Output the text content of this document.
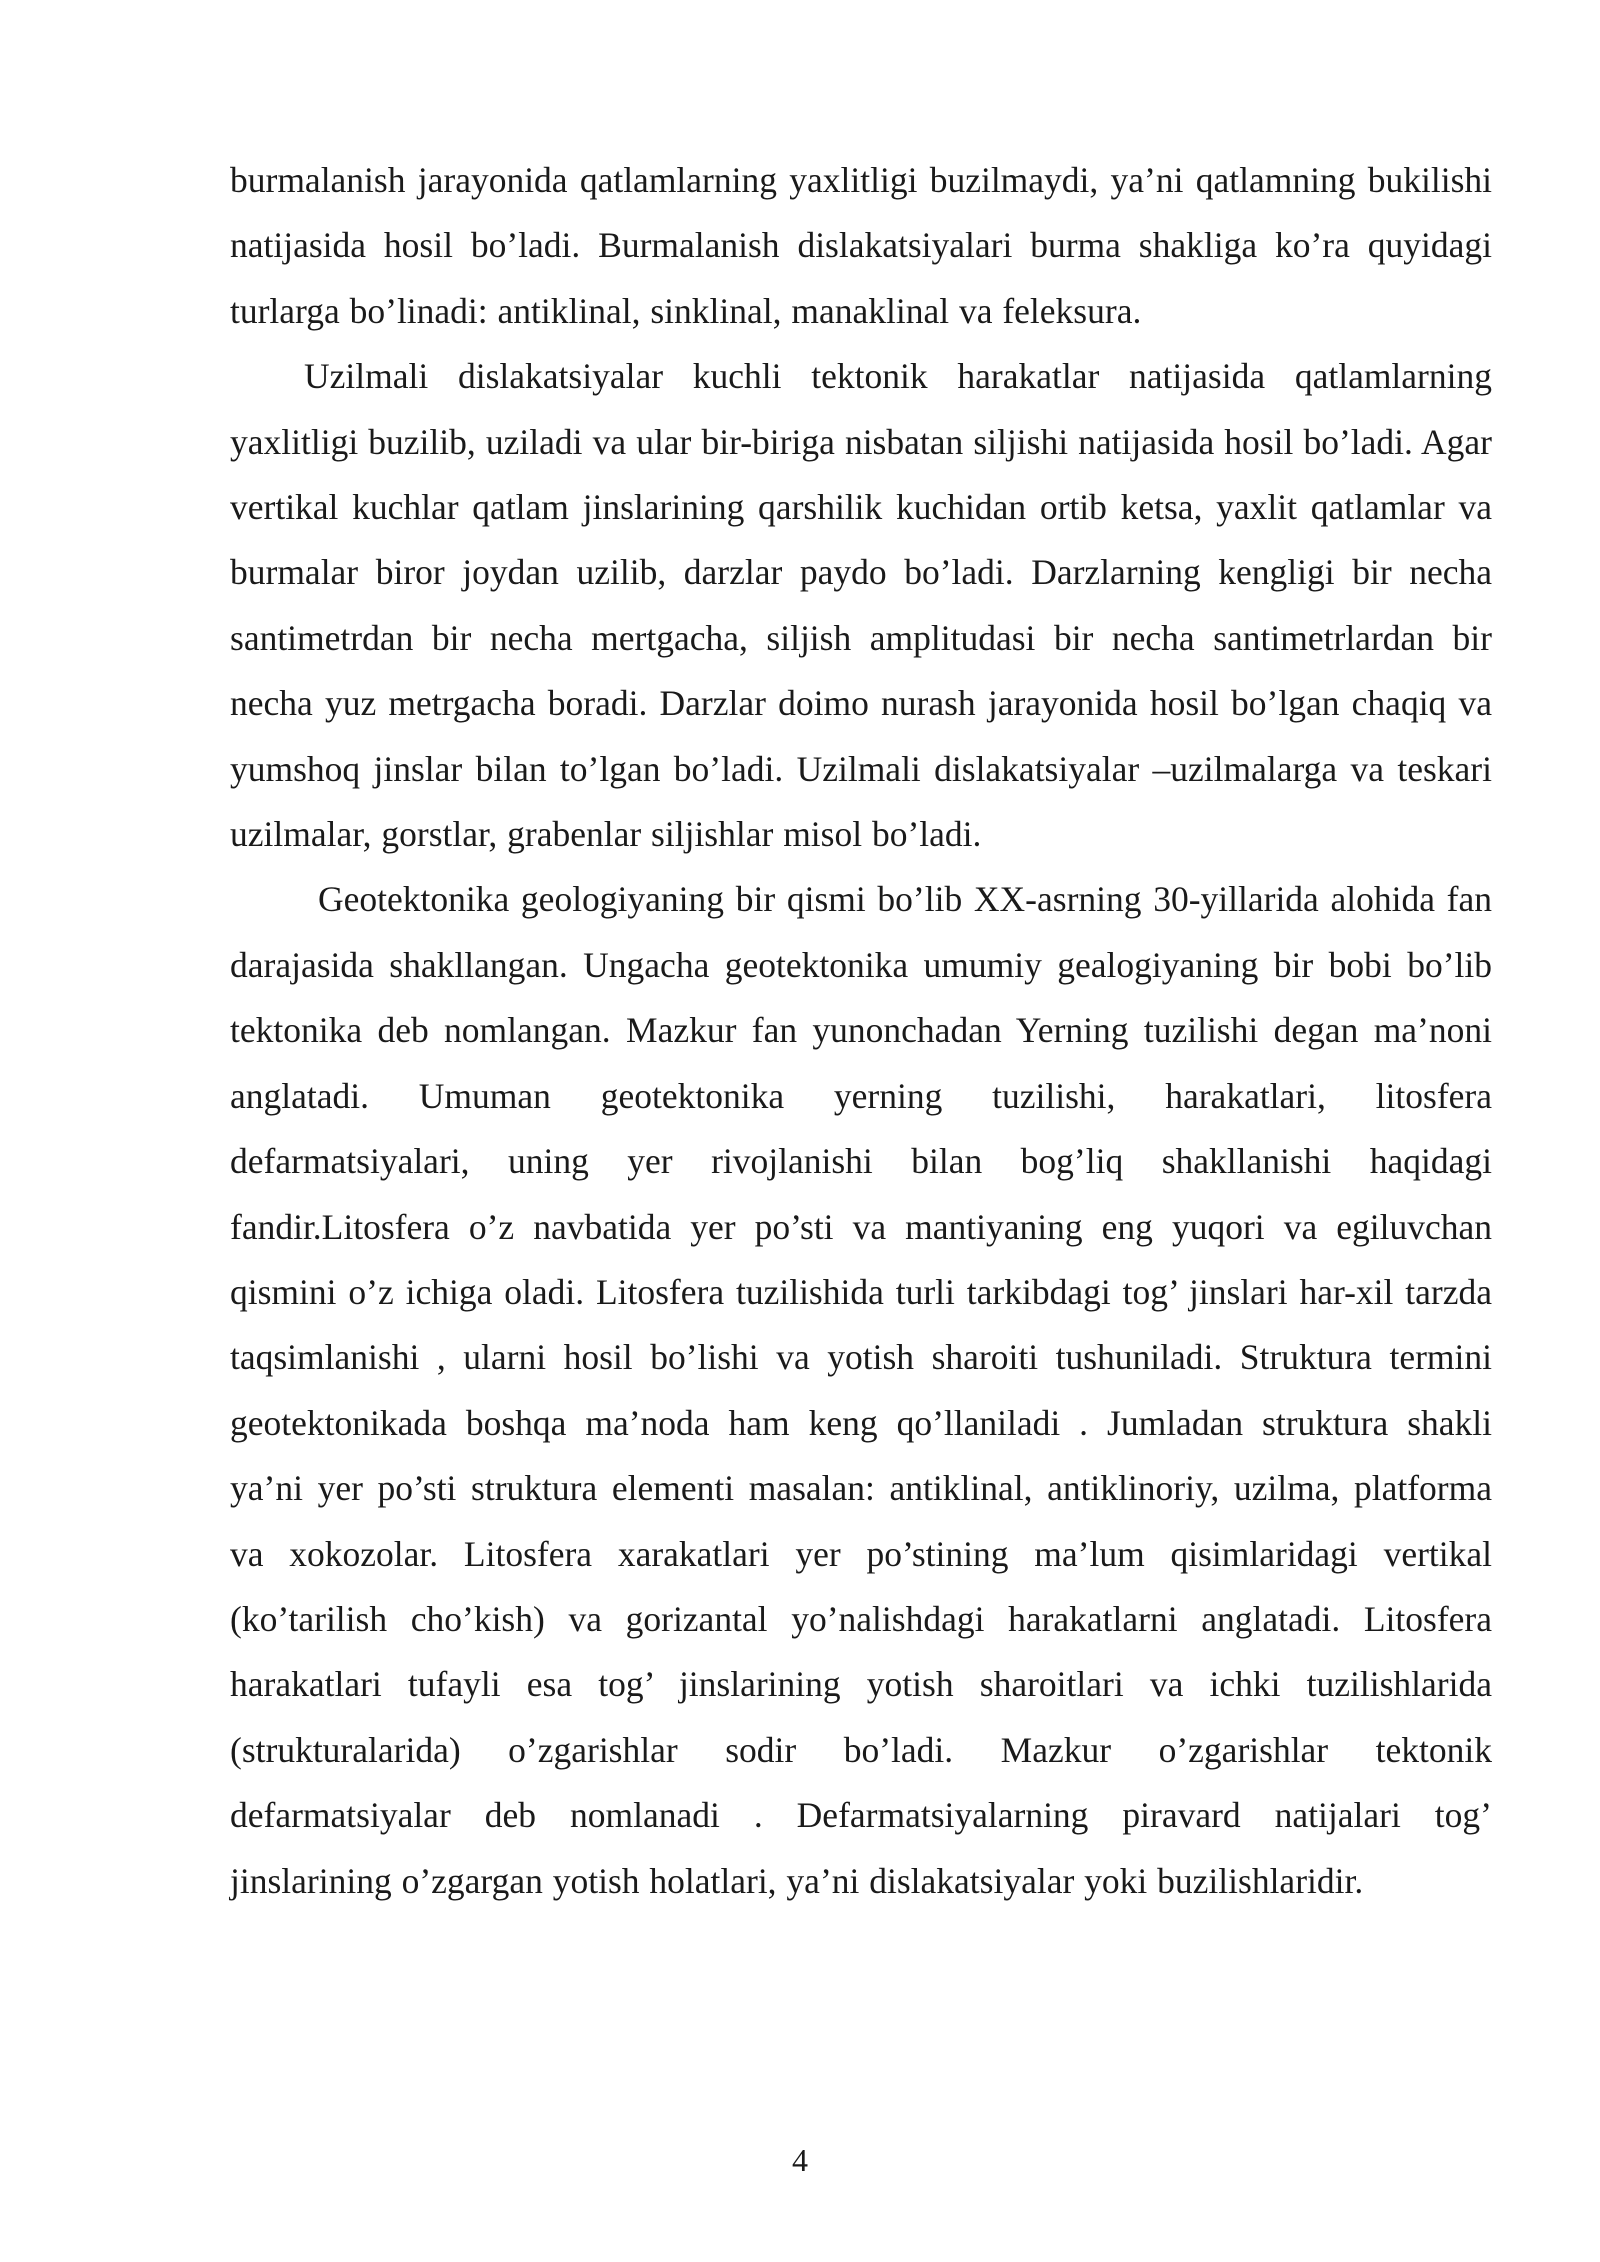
burmalanish jarayonida qatlamlarning yaxlitligi buzilmaydi, ya’ni qatlamning bukilishi natijasida hosil bo’ladi. Burmalanish dislakatsiyalari burma shakliga ko’ra quyidagi turlarga bo’linadi: antiklinal, sinklinal, manaklinal va feleksura.

Uzilmali dislakatsiyalar kuchli tektonik harakatlar natijasida qatlamlarning yaxlitligi buzilib, uziladi va ular bir-biriga nisbatan siljishi natijasida hosil bo’ladi. Agar vertikal kuchlar qatlam jinslarining qarshilik kuchidan ortib ketsa, yaxlit qatlamlar va burmalar biror joydan uzilib, darzlar paydo bo’ladi. Darzlarning kengligi bir necha santimetrdan bir necha mertgacha, siljish amplitudasi bir necha santimetrlardan bir necha yuz metrgacha boradi. Darzlar doimo nurash jarayonida hosil bo’lgan chaqiq va yumshoq jinslar bilan to’lgan bo’ladi. Uzilmali dislakatsiyalar –uzilmalarga va teskari uzilmalar, gorstlar, grabenlar siljishlar misol bo’ladi.

Geotektonika geologiyaning bir qismi bo’lib XX-asrning 30-yillarida alohida fan darajasida shakllangan. Ungacha geotektonika umumiy gealogiyaning bir bobi bo’lib tektonika deb nomlangan. Mazkur fan yunonchadan Yerning tuzilishi degan ma’noni anglatadi. Umuman geotektonika yerning tuzilishi, harakatlari, litosfera defarmatsiyalari, uning yer rivojlanishi bilan bog’liq shakllanishi haqidagi fandir.Litosfera o’z navbatida yer po’sti va mantiyaning eng yuqori va egiluvchan qismini o’z ichiga oladi. Litosfera tuzilishida turli tarkibdagi tog’ jinslari har-xil tarzda taqsimlanishi , ularni hosil bo’lishi va yotish sharoiti tushuniladi. Struktura termini geotektonikada boshqa ma’noda ham keng qo’llaniladi . Jumladan struktura shakli ya’ni yer po’sti struktura elementi masalan: antiklinal, antiklinoriy, uzilma, platforma va xokozolar. Litosfera xarakatlari yer po’stining ma’lum qisimlaridagi vertikal (ko’tarilish cho’kish) va gorizantal yo’nalishdagi harakatlarni anglatadi. Litosfera harakatlari tufayli esa tog’ jinslarining yotish sharoitlari va ichki tuzilishlarida (strukturalarida) o’zgarishlar sodir bo’ladi. Mazkur o’zgarishlar tektonik defarmatsiyalar deb nomlanadi . Defarmatsiyalarning piravard natijalari tog’ jinslarining o’zgargan yotish holatlari, ya’ni dislakatsiyalar yoki buzilishlaridir.

4
